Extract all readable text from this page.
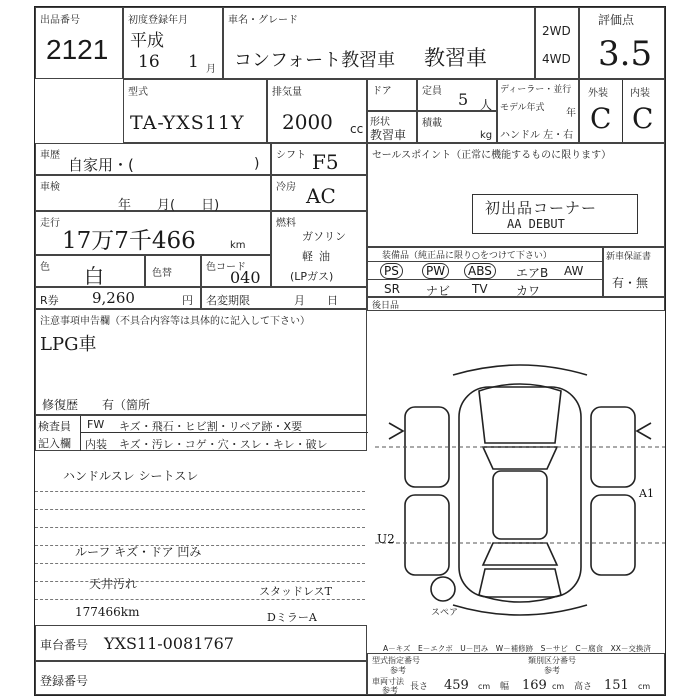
出品番号
2121
初度登録年月
平成
16 1 月
車名・グレード
コンフォート教習車 教習車
2WD
4WD
評価点
3.5
型式
TA-YXS11Y
排気量
2000 cc
ドア	定員 5 人
形状
教習車
積載
kg
ディーラー・並行
モデル年式 年
ハンドル 左・右
外装 内装
C C
車歴
自家用・(	)
シフト F5
車検
年　　月(　　日)
冷房 AC
走行
17万7千466	km
燃料
ガソリン
軽油
(LPガス)
色 白	色替
色コード
040
R券 9,260	円 名変期限	月　　日
セールスポイント（正常に機能するものに限ります）
初出品コーナー
AA DEBUT
装備品（純正品に限り○をつけて下さい）
PS	PW	ABS	エアB AW
SR ナビ TV カワ
新車保証書
有・無
後日品
注意事項申告欄（不具合内容等は具体的に記入して下さい）
LPG車
修復歴　　有（箇所
検査員
記入欄
FW キズ・飛石・ヒビ割・リペア跡・X要
内装 キズ・汚レ・コゲ・穴・スレ・キレ・破レ
ハンドルスレ シートスレ
ルーフ キズ・ドア 凹み
天井汚れ
スタッドレスT
177466km	DミラーA
U2
A1
スペア
A－キズ　E－エクボ　U－凹み　W－補修跡　S－サビ　C－腐食　XX－交換済
車台番号 YXS11-0081767
登録番号
型式指定番号
参考
類別区分番号
参考
車両寸法
参考 長さ 459 cm 幅 169 cm 高さ 151 cm
